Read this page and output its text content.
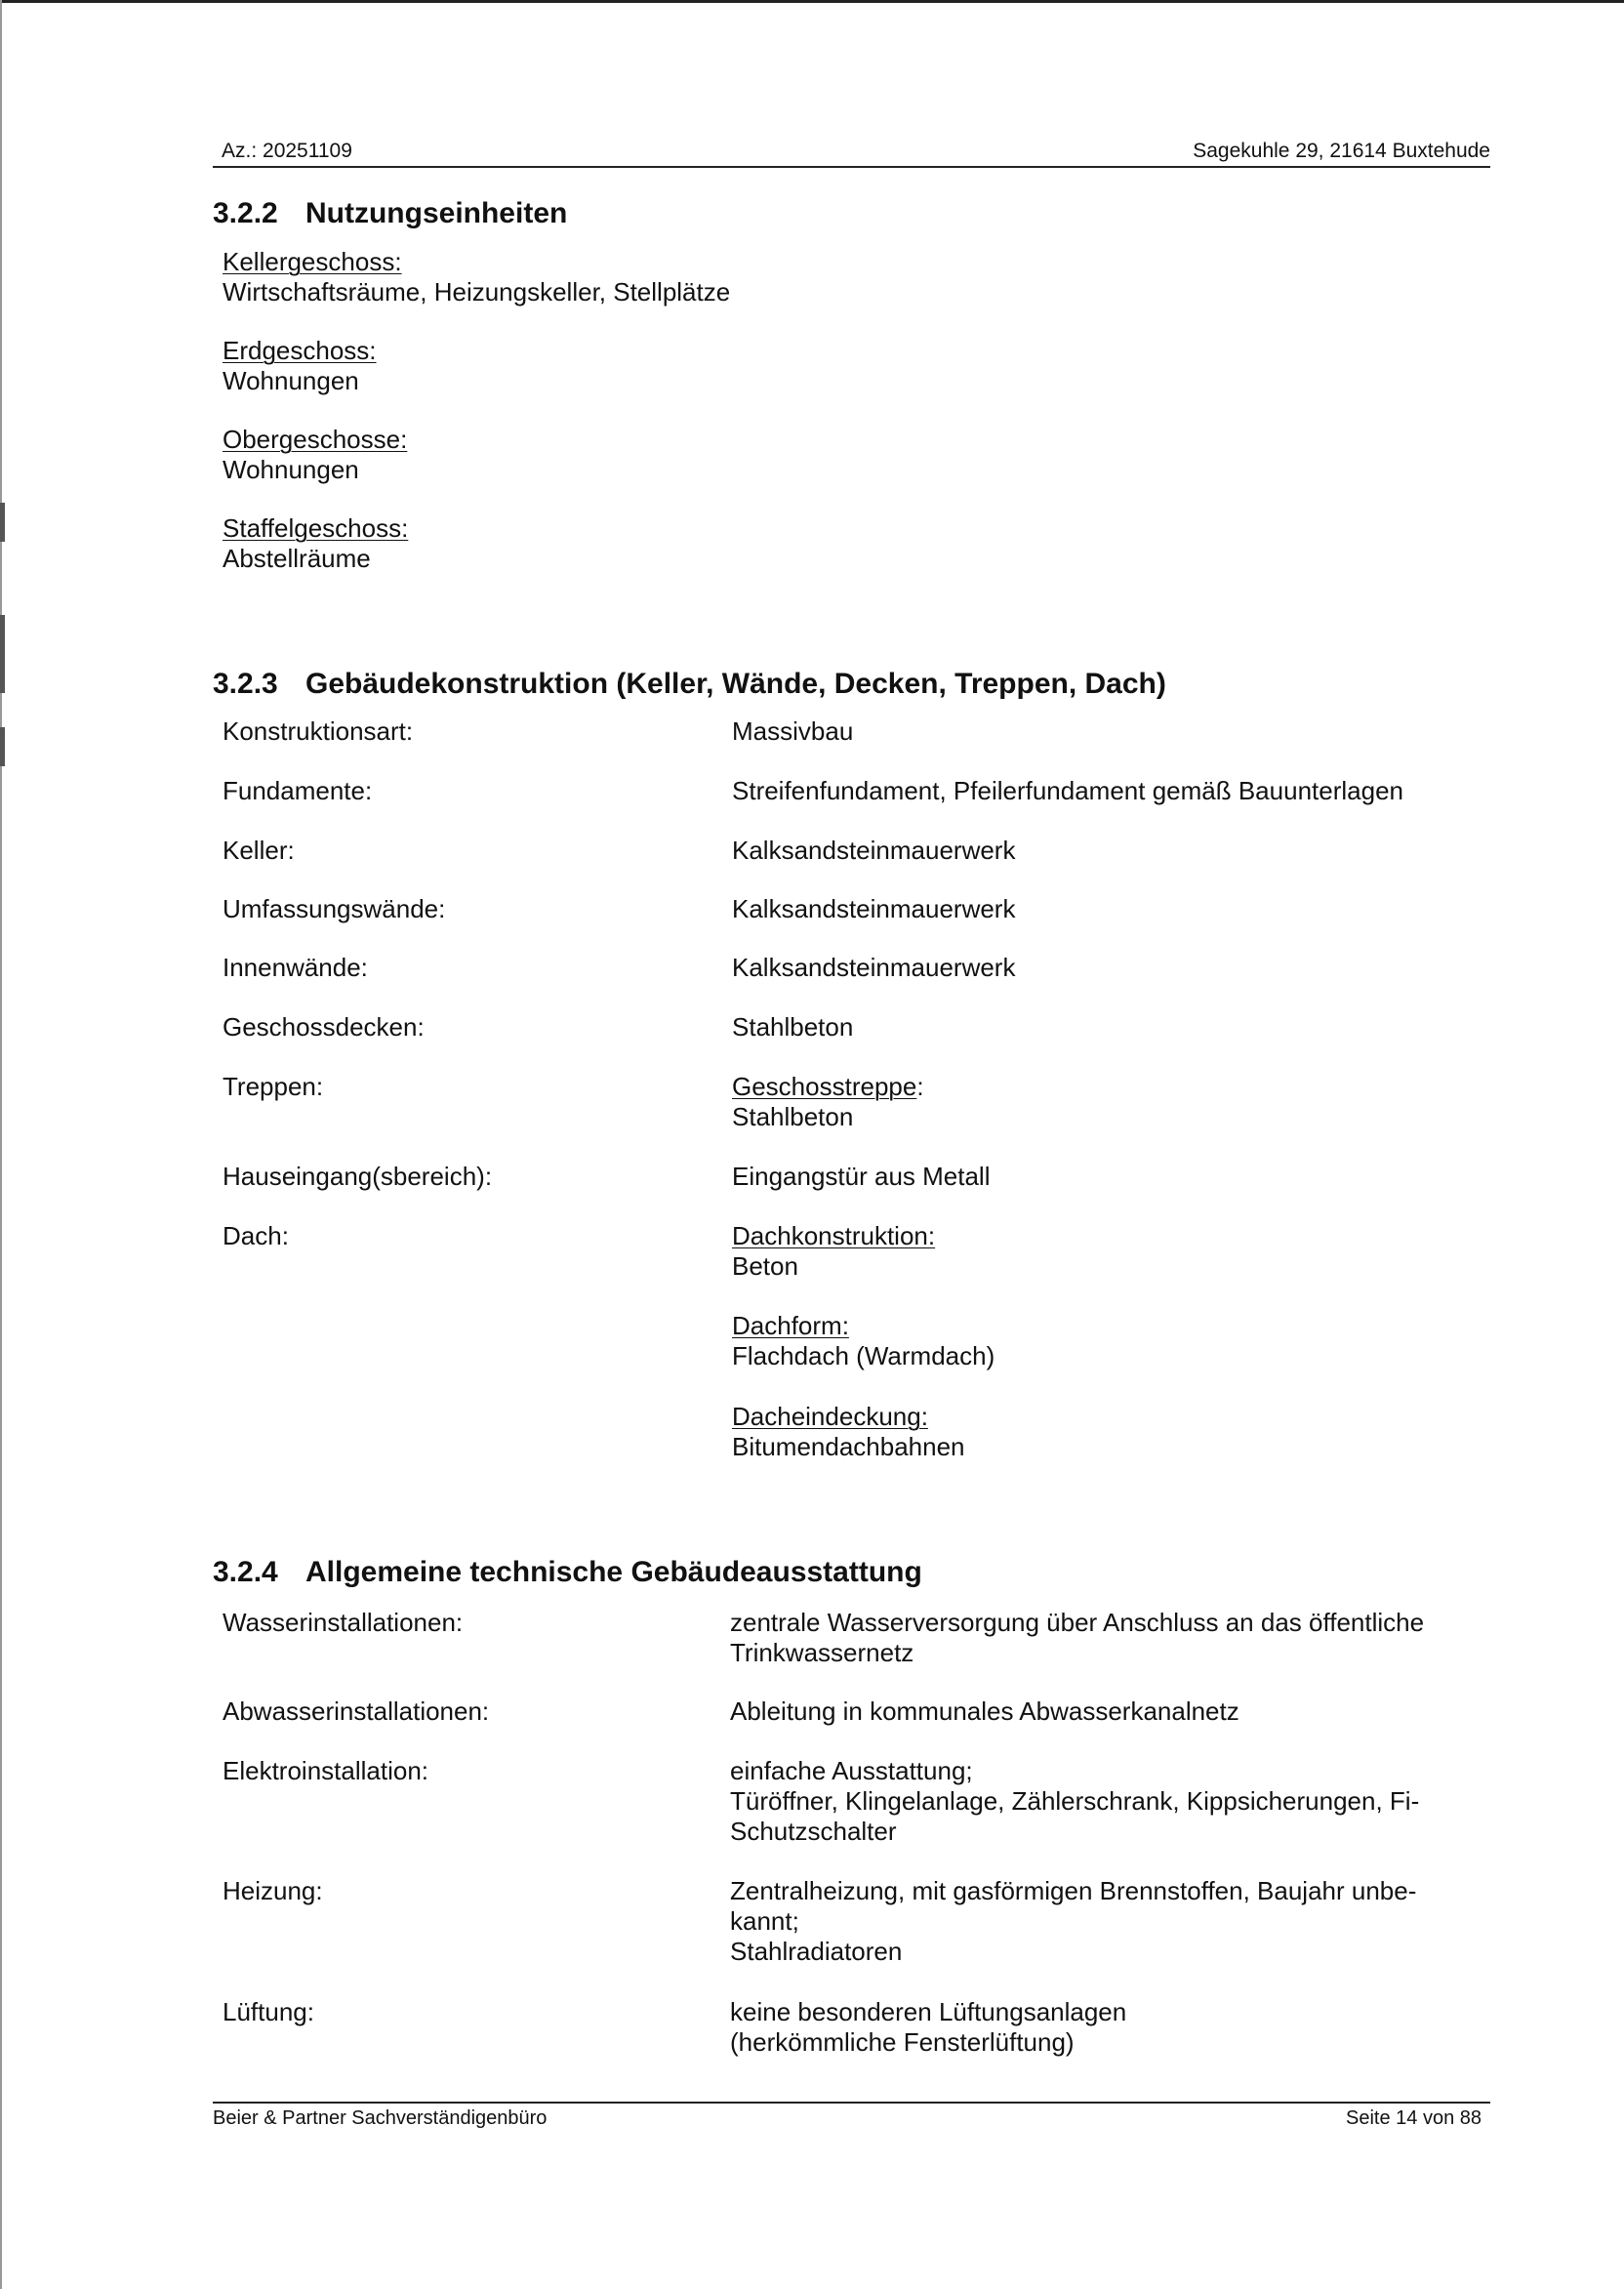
Az.: 20251109	Sagekuhle 29, 21614 Buxtehude
3.2.2 Nutzungseinheiten
Kellergeschoss:
Wirtschaftsräume, Heizungskeller, Stellplätze
Erdgeschoss:
Wohnungen
Obergeschosse:
Wohnungen
Staffelgeschoss:
Abstellräume
3.2.3 Gebäudekonstruktion (Keller, Wände, Decken, Treppen, Dach)
Konstruktionsart:	Massivbau
Fundamente:	Streifenfundament, Pfeilerfundament gemäß Bauunterlagen
Keller:	Kalksandsteinmauerwerk
Umfassungswände:	Kalksandsteinmauerwerk
Innenwände:	Kalksandsteinmauerwerk
Geschossdecken:	Stahlbeton
Treppen:	Geschosstreppe:
Stahlbeton
Hauseingang(sbereich):	Eingangstür aus Metall
Dach:	Dachkonstruktion:
Beton
Dachform:
Flachdach (Warmdach)
Dacheindeckung:
Bitumendachbahnen
3.2.4 Allgemeine technische Gebäudeausstattung
Wasserinstallationen:	zentrale Wasserversorgung über Anschluss an das öffentliche
Trinkwassernetz
Abwasserinstallationen:	Ableitung in kommunales Abwasserkanalnetz
Elektroinstallation:	einfache Ausstattung;
Türöffner, Klingelanlage, Zählerschrank, Kippsicherungen, Fi-
Schutzschalter
Heizung:	Zentralheizung, mit gasförmigen Brennstoffen, Baujahr unbe-
kannt;
Stahlradiatoren
Lüftung:	keine besonderen Lüftungsanlagen
(herkömmliche Fensterlüftung)
Beier & Partner Sachverständigenbüro	Seite 14 von 88
